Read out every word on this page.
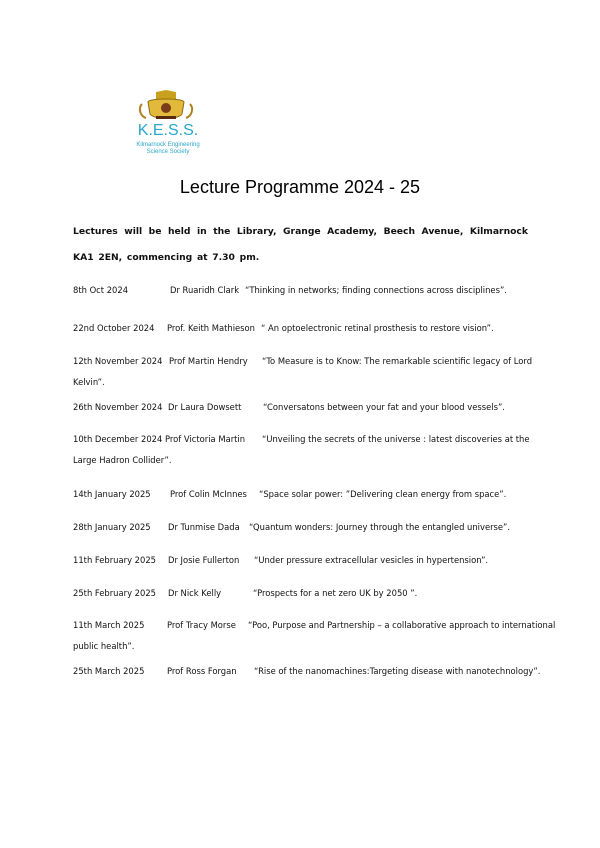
K.E.S.S.
Kilmarnock Engineering
Science Society
Lecture Programme 2024 - 25

Lectures will be held in the Library, Grange Academy, Beech Avenue, Kilmarnock KA1 2EN, commencing at 7.30 pm.

8th Oct 2024	Dr Ruaridh Clark “Thinking in networks; finding connections across disciplines”.
22nd October 2024 Prof. Keith Mathieson “ An optoelectronic retinal prosthesis to restore vision”.
12th November 2024 Prof Martin Hendry “To Measure is to Know: The remarkable scientific legacy of Lord
Kelvin”.
26th November 2024 Dr Laura Dowsett	“Conversatons between your fat and your blood vessels”.
10th December 2024 Prof Victoria Martin “Unveiling the secrets of the universe : latest discoveries at the
Large Hadron Collider”.
14th January 2025 Prof Colin McInnes “Space solar power: ”Delivering clean energy from space”.
28th January 2025 Dr Tunmise Dada “Quantum wonders: Journey through the entangled universe”.
11th February 2025 Dr Josie Fullerton “Under pressure extracellular vesicles in hypertension”.
25th February 2025 Dr Nick Kelly	“Prospects for a net zero UK by 2050 ”.
11th March 2025	Prof Tracy Morse “Poo, Purpose and Partnership – a collaborative approach to international
public health”.
25th March 2025	Prof Ross Forgan “Rise of the nanomachines:Targeting disease with nanotechnology”.
